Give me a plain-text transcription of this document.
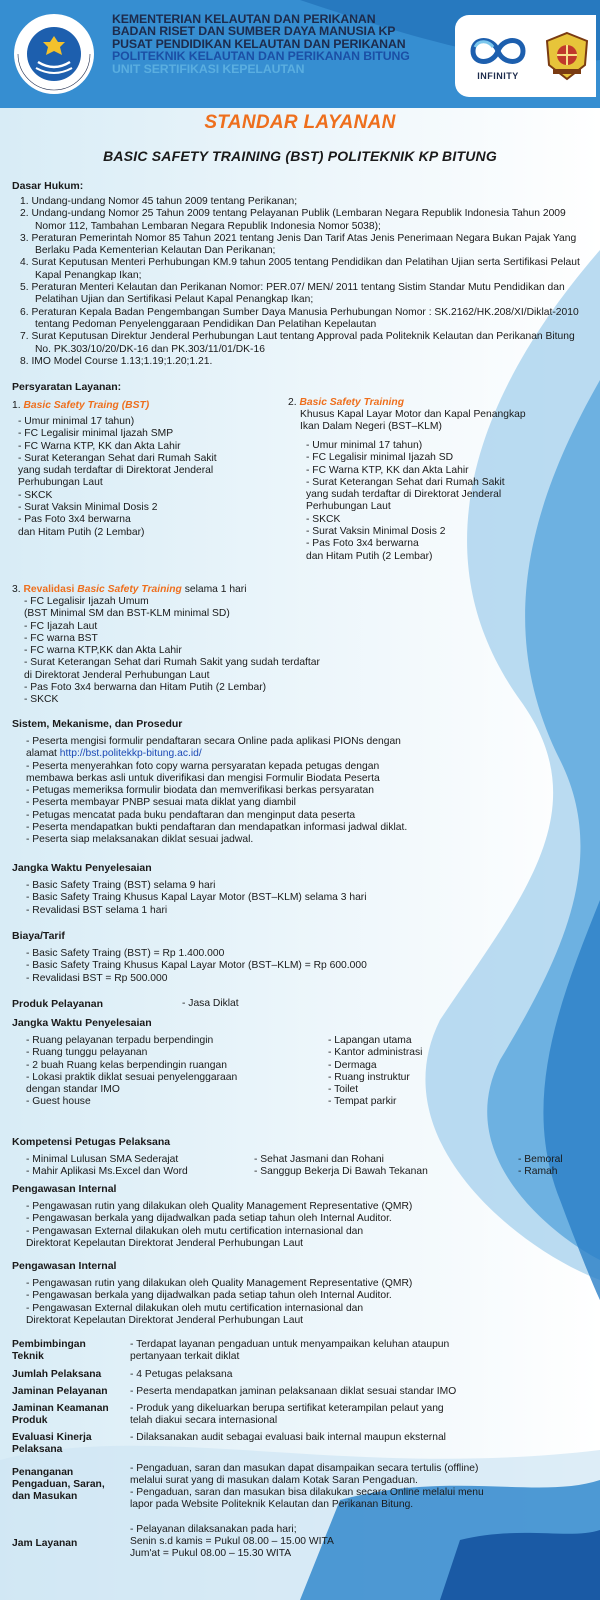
KEMENTERIAN KELAUTAN DAN PERIKANAN
BADAN RISET DAN SUMBER DAYA MANUSIA KP
PUSAT PENDIDIKAN KELAUTAN DAN PERIKANAN
POLITEKNIK KELAUTAN DAN PERIKANAN BITUNG
UNIT SERTIFIKASI KEPELAUTAN
INFINITY
STANDAR LAYANAN
BASIC SAFETY TRAINING (BST) POLITEKNIK KP BITUNG
Dasar Hukum:
1. Undang-undang Nomor 45 tahun 2009 tentang Perikanan;
2. Undang-undang Nomor 25 Tahun 2009 tentang Pelayanan Publik (Lembaran Negara Republik Indonesia Tahun 2009 Nomor 112, Tambahan Lembaran Negara Republik Indonesia Nomor 5038);
3. Peraturan Pemerintah Nomor 85 Tahun 2021 tentang Jenis Dan Tarif Atas Jenis Penerimaan Negara Bukan Pajak Yang Berlaku Pada Kementerian Kelautan Dan Perikanan;
4. Surat Keputusan Menteri Perhubungan KM.9 tahun 2005 tentang Pendidikan dan Pelatihan Ujian serta Sertifikasi Pelaut Kapal Penangkap Ikan;
5. Peraturan Menteri Kelautan dan Perikanan Nomor: PER.07/ MEN/ 2011 tentang Sistim Standar Mutu Pendidikan dan Pelatihan Ujian dan Sertifikasi Pelaut Kapal Penangkap Ikan;
6. Peraturan Kepala Badan Pengembangan Sumber Daya Manusia Perhubungan Nomor : SK.2162/HK.208/XI/Diklat-2010 tentang Pedoman Penyelenggaraan Pendidikan Dan Pelatihan Kepelautan
7. Surat Keputusan Direktur Jenderal Perhubungan Laut tentang Approval pada Politeknik Kelautan dan Perikanan Bitung No. PK.303/10/20/DK-16 dan PK.303/11/01/DK-16
8. IMO Model Course 1.13;1.19;1.20;1.21.
Persyaratan Layanan:
1. Basic Safety Traing (BST)
- Umur minimal 17 tahun)
- FC Legalisir minimal Ijazah SMP
- FC Warna KTP, KK dan Akta Lahir
- Surat Keterangan Sehat dari Rumah Sakit
yang sudah terdaftar di Direktorat Jenderal
Perhubungan Laut
- SKCK
- Surat Vaksin Minimal Dosis 2
- Pas Foto 3x4 berwarna
dan Hitam Putih (2 Lembar)
2. Basic Safety Training
Khusus Kapal Layar Motor dan Kapal Penangkap
Ikan Dalam Negeri (BST–KLM)
- Umur minimal 17 tahun)
- FC Legalisir minimal Ijazah SD
- FC Warna KTP, KK dan Akta Lahir
- Surat Keterangan Sehat dari Rumah Sakit
yang sudah terdaftar di Direktorat Jenderal
Perhubungan Laut
- SKCK
- Surat Vaksin Minimal Dosis 2
- Pas Foto 3x4 berwarna
dan Hitam Putih (2 Lembar)
3. Revalidasi Basic Safety Training selama 1 hari
- FC Legalisir Ijazah Umum
(BST Minimal SM dan BST-KLM minimal SD)
- FC Ijazah Laut
- FC warna BST
- FC warna KTP,KK dan Akta Lahir
- Surat Keterangan Sehat dari Rumah Sakit yang sudah terdaftar
di Direktorat Jenderal Perhubungan Laut
- Pas Foto 3x4 berwarna dan Hitam Putih (2 Lembar)
- SKCK
Sistem, Mekanisme, dan Prosedur
- Peserta mengisi formulir pendaftaran secara Online pada aplikasi PIONs dengan
alamat http://bst.politekkp-bitung.ac.id/
- Peserta menyerahkan foto copy warna persyaratan kepada petugas dengan
membawa berkas asli untuk diverifikasi dan mengisi Formulir Biodata Peserta
- Petugas memeriksa formulir biodata dan memverifikasi berkas persyaratan
- Peserta membayar PNBP sesuai mata diklat yang diambil
- Petugas mencatat pada buku pendaftaran dan menginput data peserta
- Peserta mendapatkan bukti pendaftaran dan mendapatkan informasi jadwal diklat.
- Peserta siap melaksanakan diklat sesuai jadwal.
Jangka Waktu Penyelesaian
- Basic Safety Traing (BST) selama 9 hari
- Basic Safety Traing Khusus Kapal Layar Motor (BST–KLM) selama 3 hari
- Revalidasi BST selama 1 hari
Biaya/Tarif
- Basic Safety Traing (BST) = Rp 1.400.000
- Basic Safety Traing Khusus Kapal Layar Motor (BST–KLM) = Rp 600.000
- Revalidasi BST = Rp 500.000
Produk Pelayanan	- Jasa Diklat
Jangka Waktu Penyelesaian
- Ruang pelayanan terpadu berpendingin
- Ruang tunggu pelayanan
- 2 buah Ruang kelas berpendingin ruangan
- Lokasi praktik diklat sesuai penyelenggaraan
dengan standar IMO
- Guest house
- Lapangan utama
- Kantor administrasi
- Dermaga
- Ruang instruktur
- Toilet
- Tempat parkir
Kompetensi Petugas Pelaksana
- Minimal Lulusan SMA Sederajat
- Mahir Aplikasi Ms.Excel dan Word
- Sehat Jasmani dan Rohani
- Sanggup Bekerja Di Bawah Tekanan
- Bemoral
- Ramah
Pengawasan Internal
- Pengawasan rutin yang dilakukan oleh Quality Management Representative (QMR)
- Pengawasan berkala yang dijadwalkan pada setiap tahun oleh Internal Auditor.
- Pengawasan External dilakukan oleh mutu certification internasional dan
Direktorat Kepelautan Direktorat Jenderal Perhubungan Laut
Pengawasan Internal
- Pengawasan rutin yang dilakukan oleh Quality Management Representative (QMR)
- Pengawasan berkala yang dijadwalkan pada setiap tahun oleh Internal Auditor.
- Pengawasan External dilakukan oleh mutu certification internasional dan
Direktorat Kepelautan Direktorat Jenderal Perhubungan Laut
Pembimbingan
Teknik
- Terdapat layanan pengaduan untuk menyampaikan keluhan ataupun
pertanyaan terkait diklat
Jumlah Pelaksana	- 4 Petugas pelaksana
Jaminan Pelayanan - Peserta mendapatkan jaminan pelaksanaan diklat sesuai standar IMO
Jaminan Keamanan
Produk
- Produk yang dikeluarkan berupa sertifikat keterampilan pelaut yang
telah diakui secara internasional
Evaluasi Kinerja
Pelaksana
- Dilaksanakan audit sebagai evaluasi baik internal maupun eksternal
Penanganan
Pengaduan, Saran,
dan Masukan
- Pengaduan, saran dan masukan dapat disampaikan secara tertulis (offline)
melalui surat yang di masukan dalam Kotak Saran Pengaduan.
- Pengaduan, saran dan masukan bisa dilakukan secara Online melalui menu
lapor pada Website Politeknik Kelautan dan Perikanan Bitung.
Jam Layanan
- Pelayanan dilaksanakan pada hari;
Senin s.d kamis = Pukul 08.00 – 15.00 WITA
Jum'at = Pukul 08.00 – 15.30 WITA
